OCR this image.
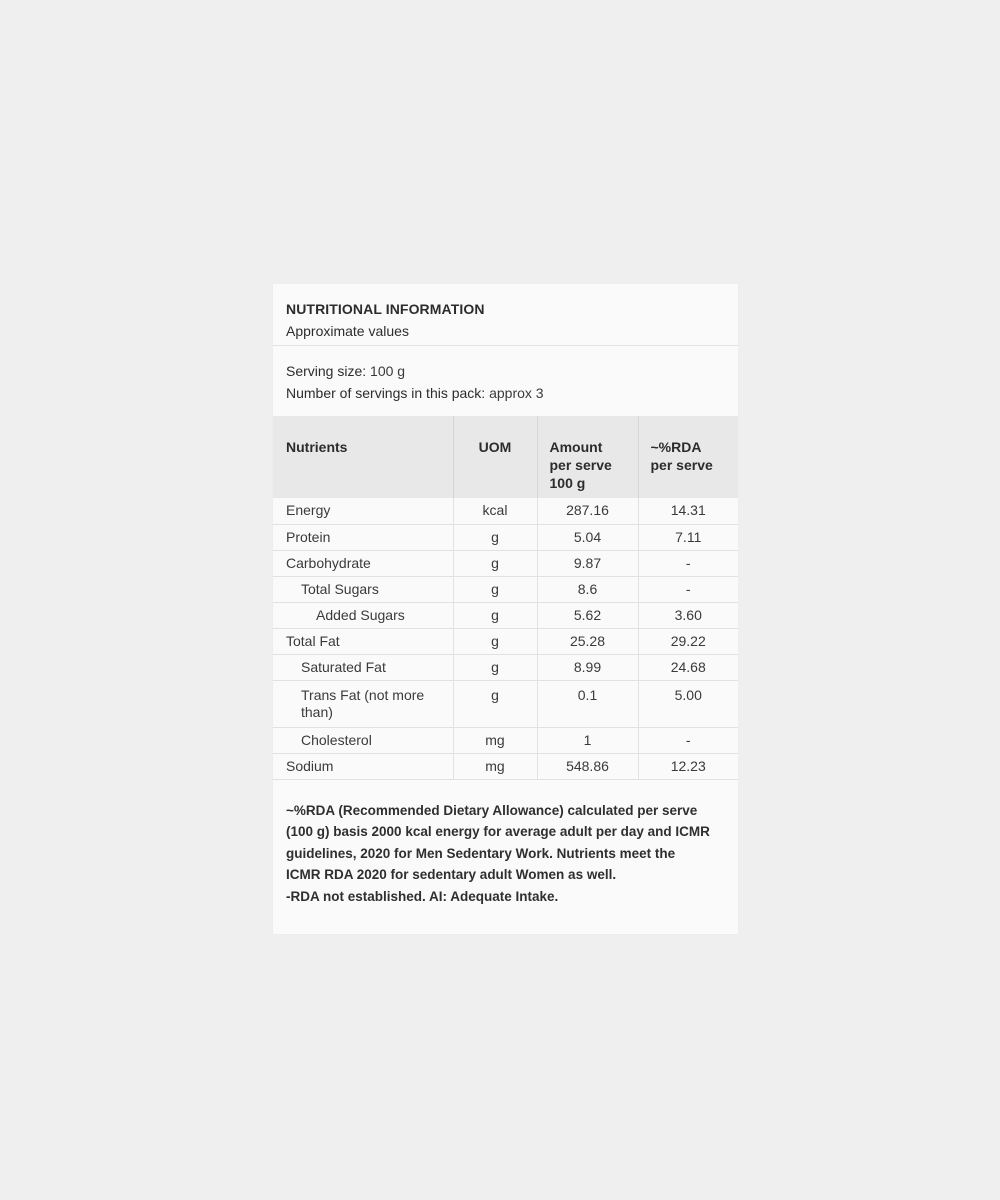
NUTRITIONAL INFORMATION

Approximate values

Serving size: 100 g

Number of servings in this pack: approx 3

Nutrients	UOM	Amount per serve 100 g	~%RDA per serve
Energy	kcal	287.16	14.31
Protein	g	5.04	7.11
Carbohydrate	g	9.87	-
Total Sugars	g	8.6	-
Added Sugars	g	5.62	3.60
Total Fat	g	25.28	29.22
Saturated Fat	g	8.99	24.68
Trans Fat (not more than)	g	0.1	5.00
Cholesterol	mg	1	-
Sodium	mg	548.86	12.23

~%RDA (Recommended Dietary Allowance) calculated per serve

(100 g) basis 2000 kcal energy for average adult per day and ICMR

guidelines, 2020 for Men Sedentary Work. Nutrients meet the

ICMR RDA 2020 for sedentary adult Women as well.

-RDA not established. AI: Adequate Intake.
